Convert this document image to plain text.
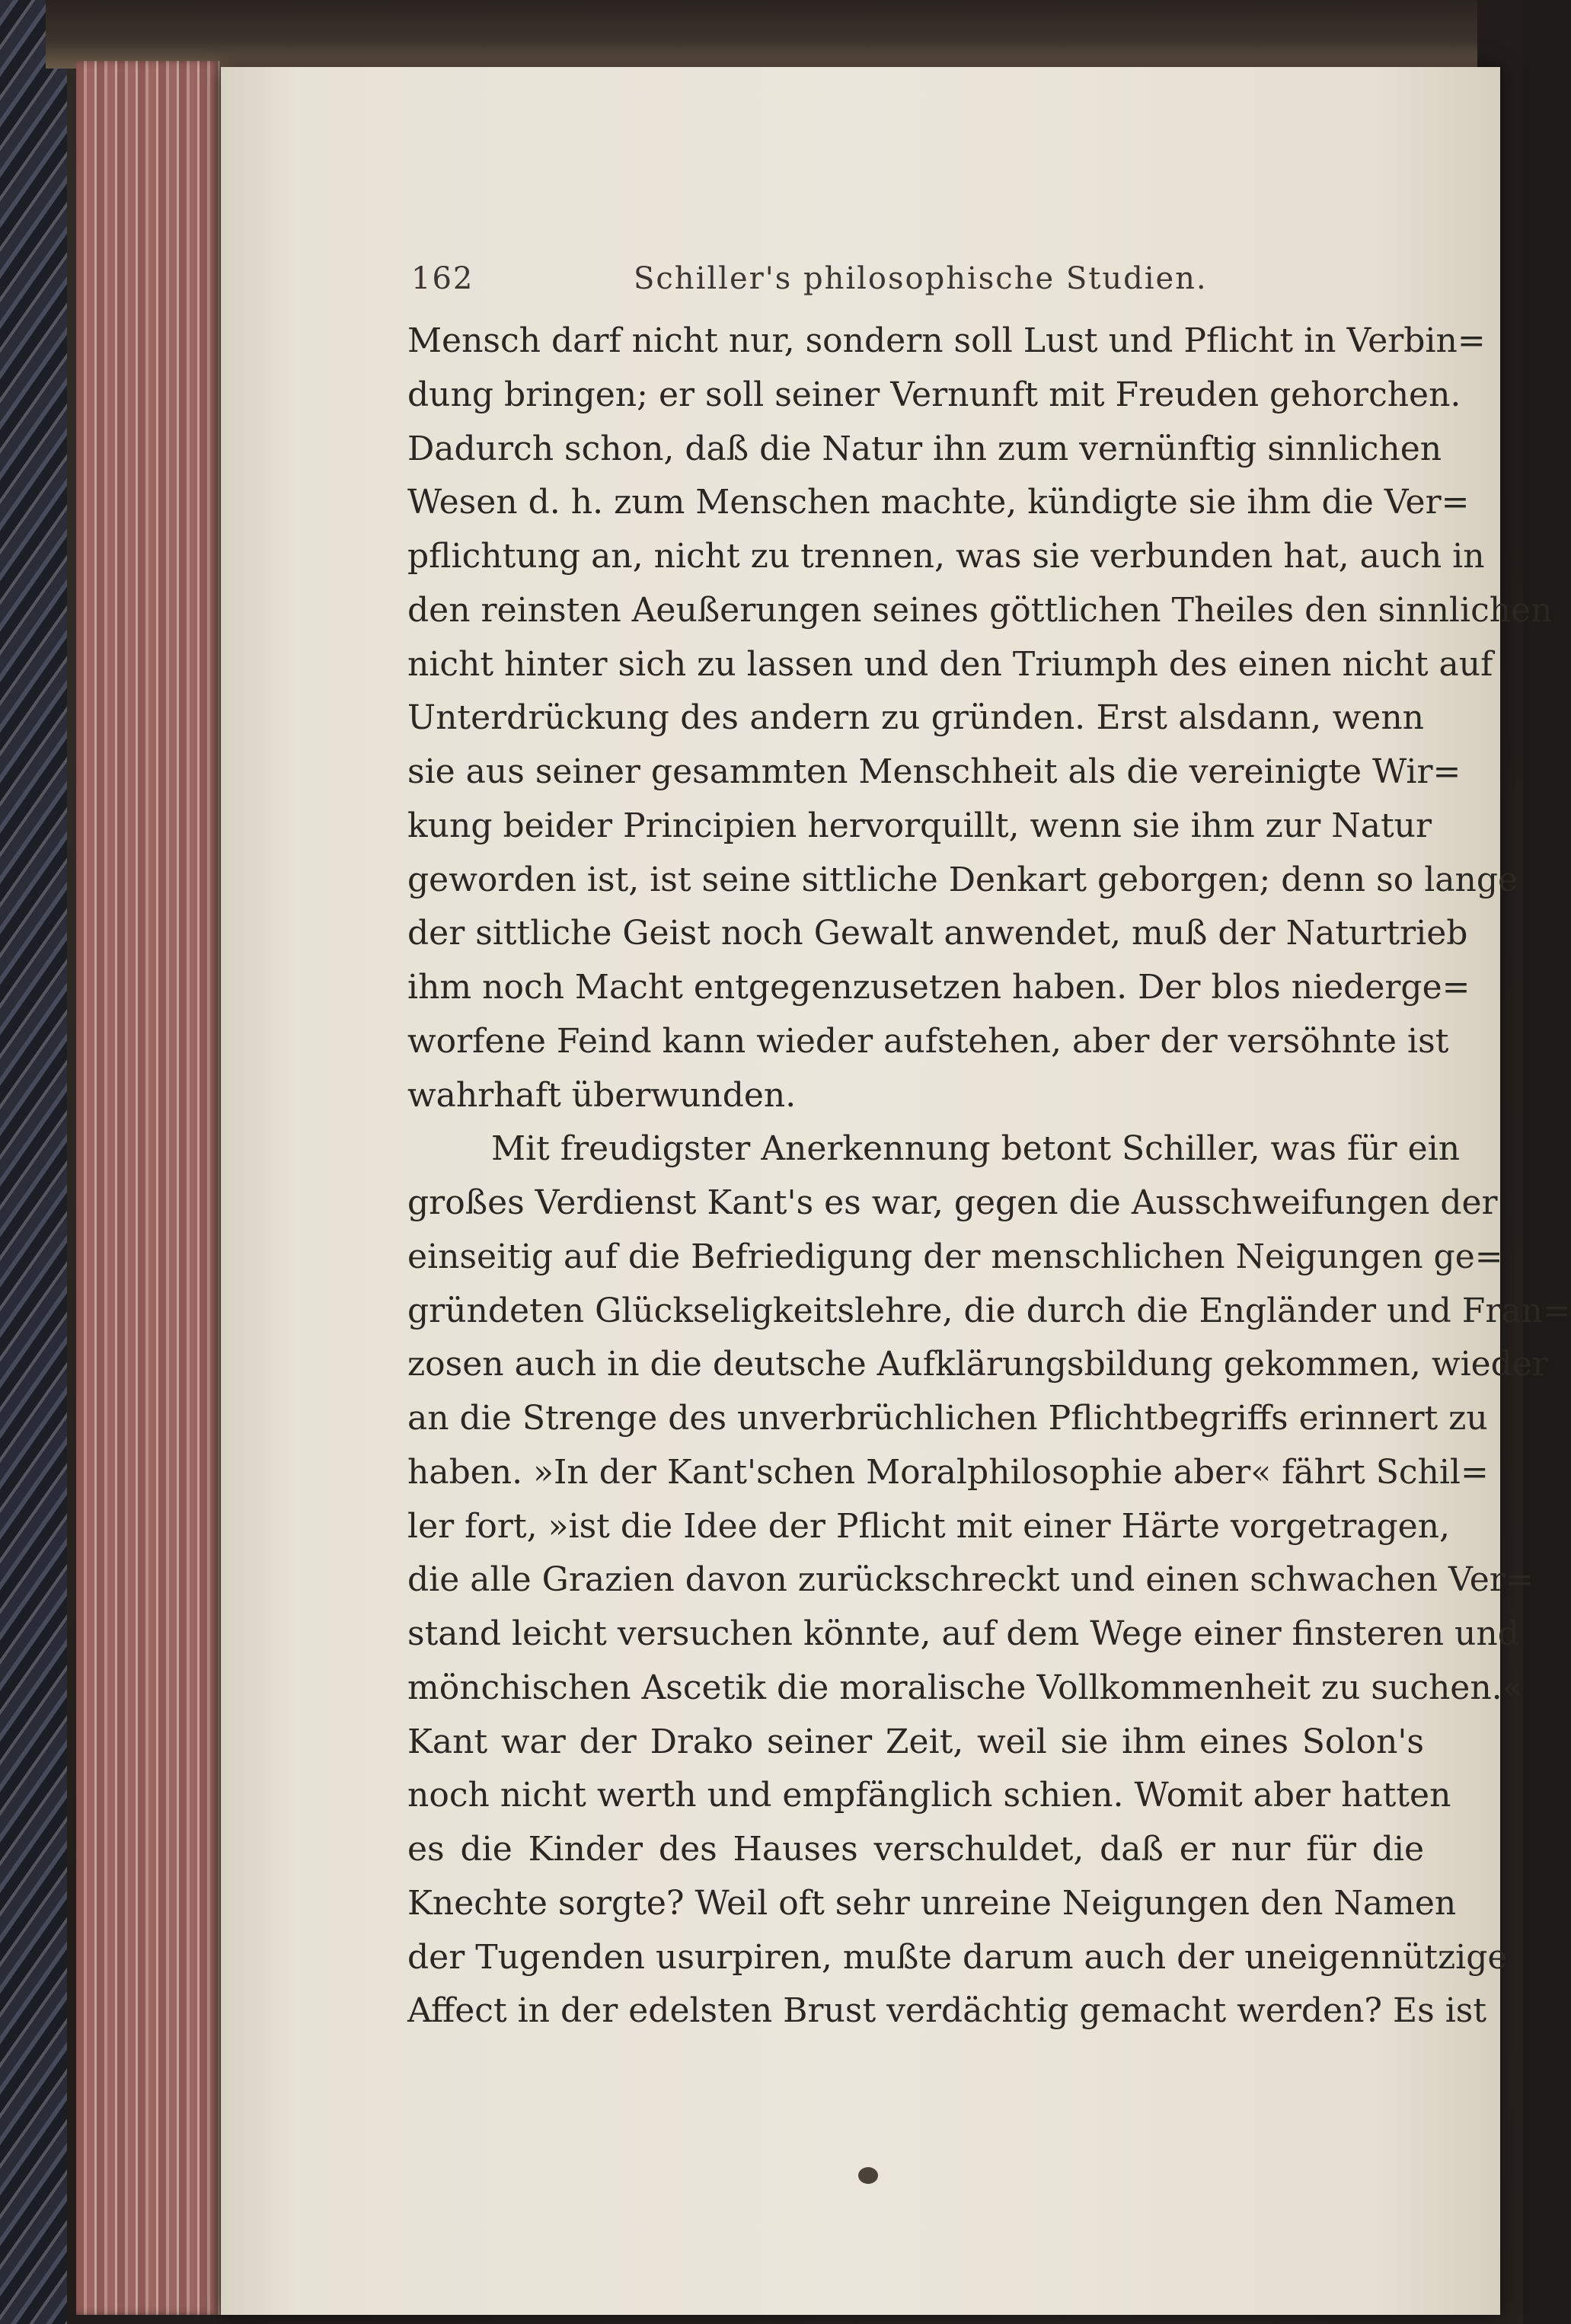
162	Schiller's philosophische Studien.
Mensch darf nicht nur, sondern soll Lust und Pflicht in Verbin=
dung bringen; er soll seiner Vernunft mit Freuden gehorchen.
Dadurch schon, daß die Natur ihn zum vernünftig sinnlichen
Wesen d. h. zum Menschen machte, kündigte sie ihm die Ver=
pflichtung an, nicht zu trennen, was sie verbunden hat, auch in
den reinsten Aeußerungen seines göttlichen Theiles den sinnlichen
nicht hinter sich zu lassen und den Triumph des einen nicht auf
Unterdrückung des andern zu gründen. Erst alsdann, wenn
sie aus seiner gesammten Menschheit als die vereinigte Wir=
kung beider Principien hervorquillt, wenn sie ihm zur Natur
geworden ist, ist seine sittliche Denkart geborgen; denn so lange
der sittliche Geist noch Gewalt anwendet, muß der Naturtrieb
ihm noch Macht entgegenzusetzen haben. Der blos niederge=
worfene Feind kann wieder aufstehen, aber der versöhnte ist
wahrhaft überwunden.
Mit freudigster Anerkennung betont Schiller, was für ein
großes Verdienst Kant's es war, gegen die Ausschweifungen der
einseitig auf die Befriedigung der menschlichen Neigungen ge=
gründeten Glückseligkeitslehre, die durch die Engländer und Fran=
zosen auch in die deutsche Aufklärungsbildung gekommen, wieder
an die Strenge des unverbrüchlichen Pflichtbegriffs erinnert zu
haben. »In der Kant'schen Moralphilosophie aber« fährt Schil=
ler fort, »ist die Idee der Pflicht mit einer Härte vorgetragen,
die alle Grazien davon zurückschreckt und einen schwachen Ver=
stand leicht versuchen könnte, auf dem Wege einer finsteren und
mönchischen Ascetik die moralische Vollkommenheit zu suchen.«
Kant war der Drako seiner Zeit, weil sie ihm eines Solon's
noch nicht werth und empfänglich schien. Womit aber hatten
es die Kinder des Hauses verschuldet, daß er nur für die
Knechte sorgte? Weil oft sehr unreine Neigungen den Namen
der Tugenden usurpiren, mußte darum auch der uneigennützige
Affect in der edelsten Brust verdächtig gemacht werden? Es ist
